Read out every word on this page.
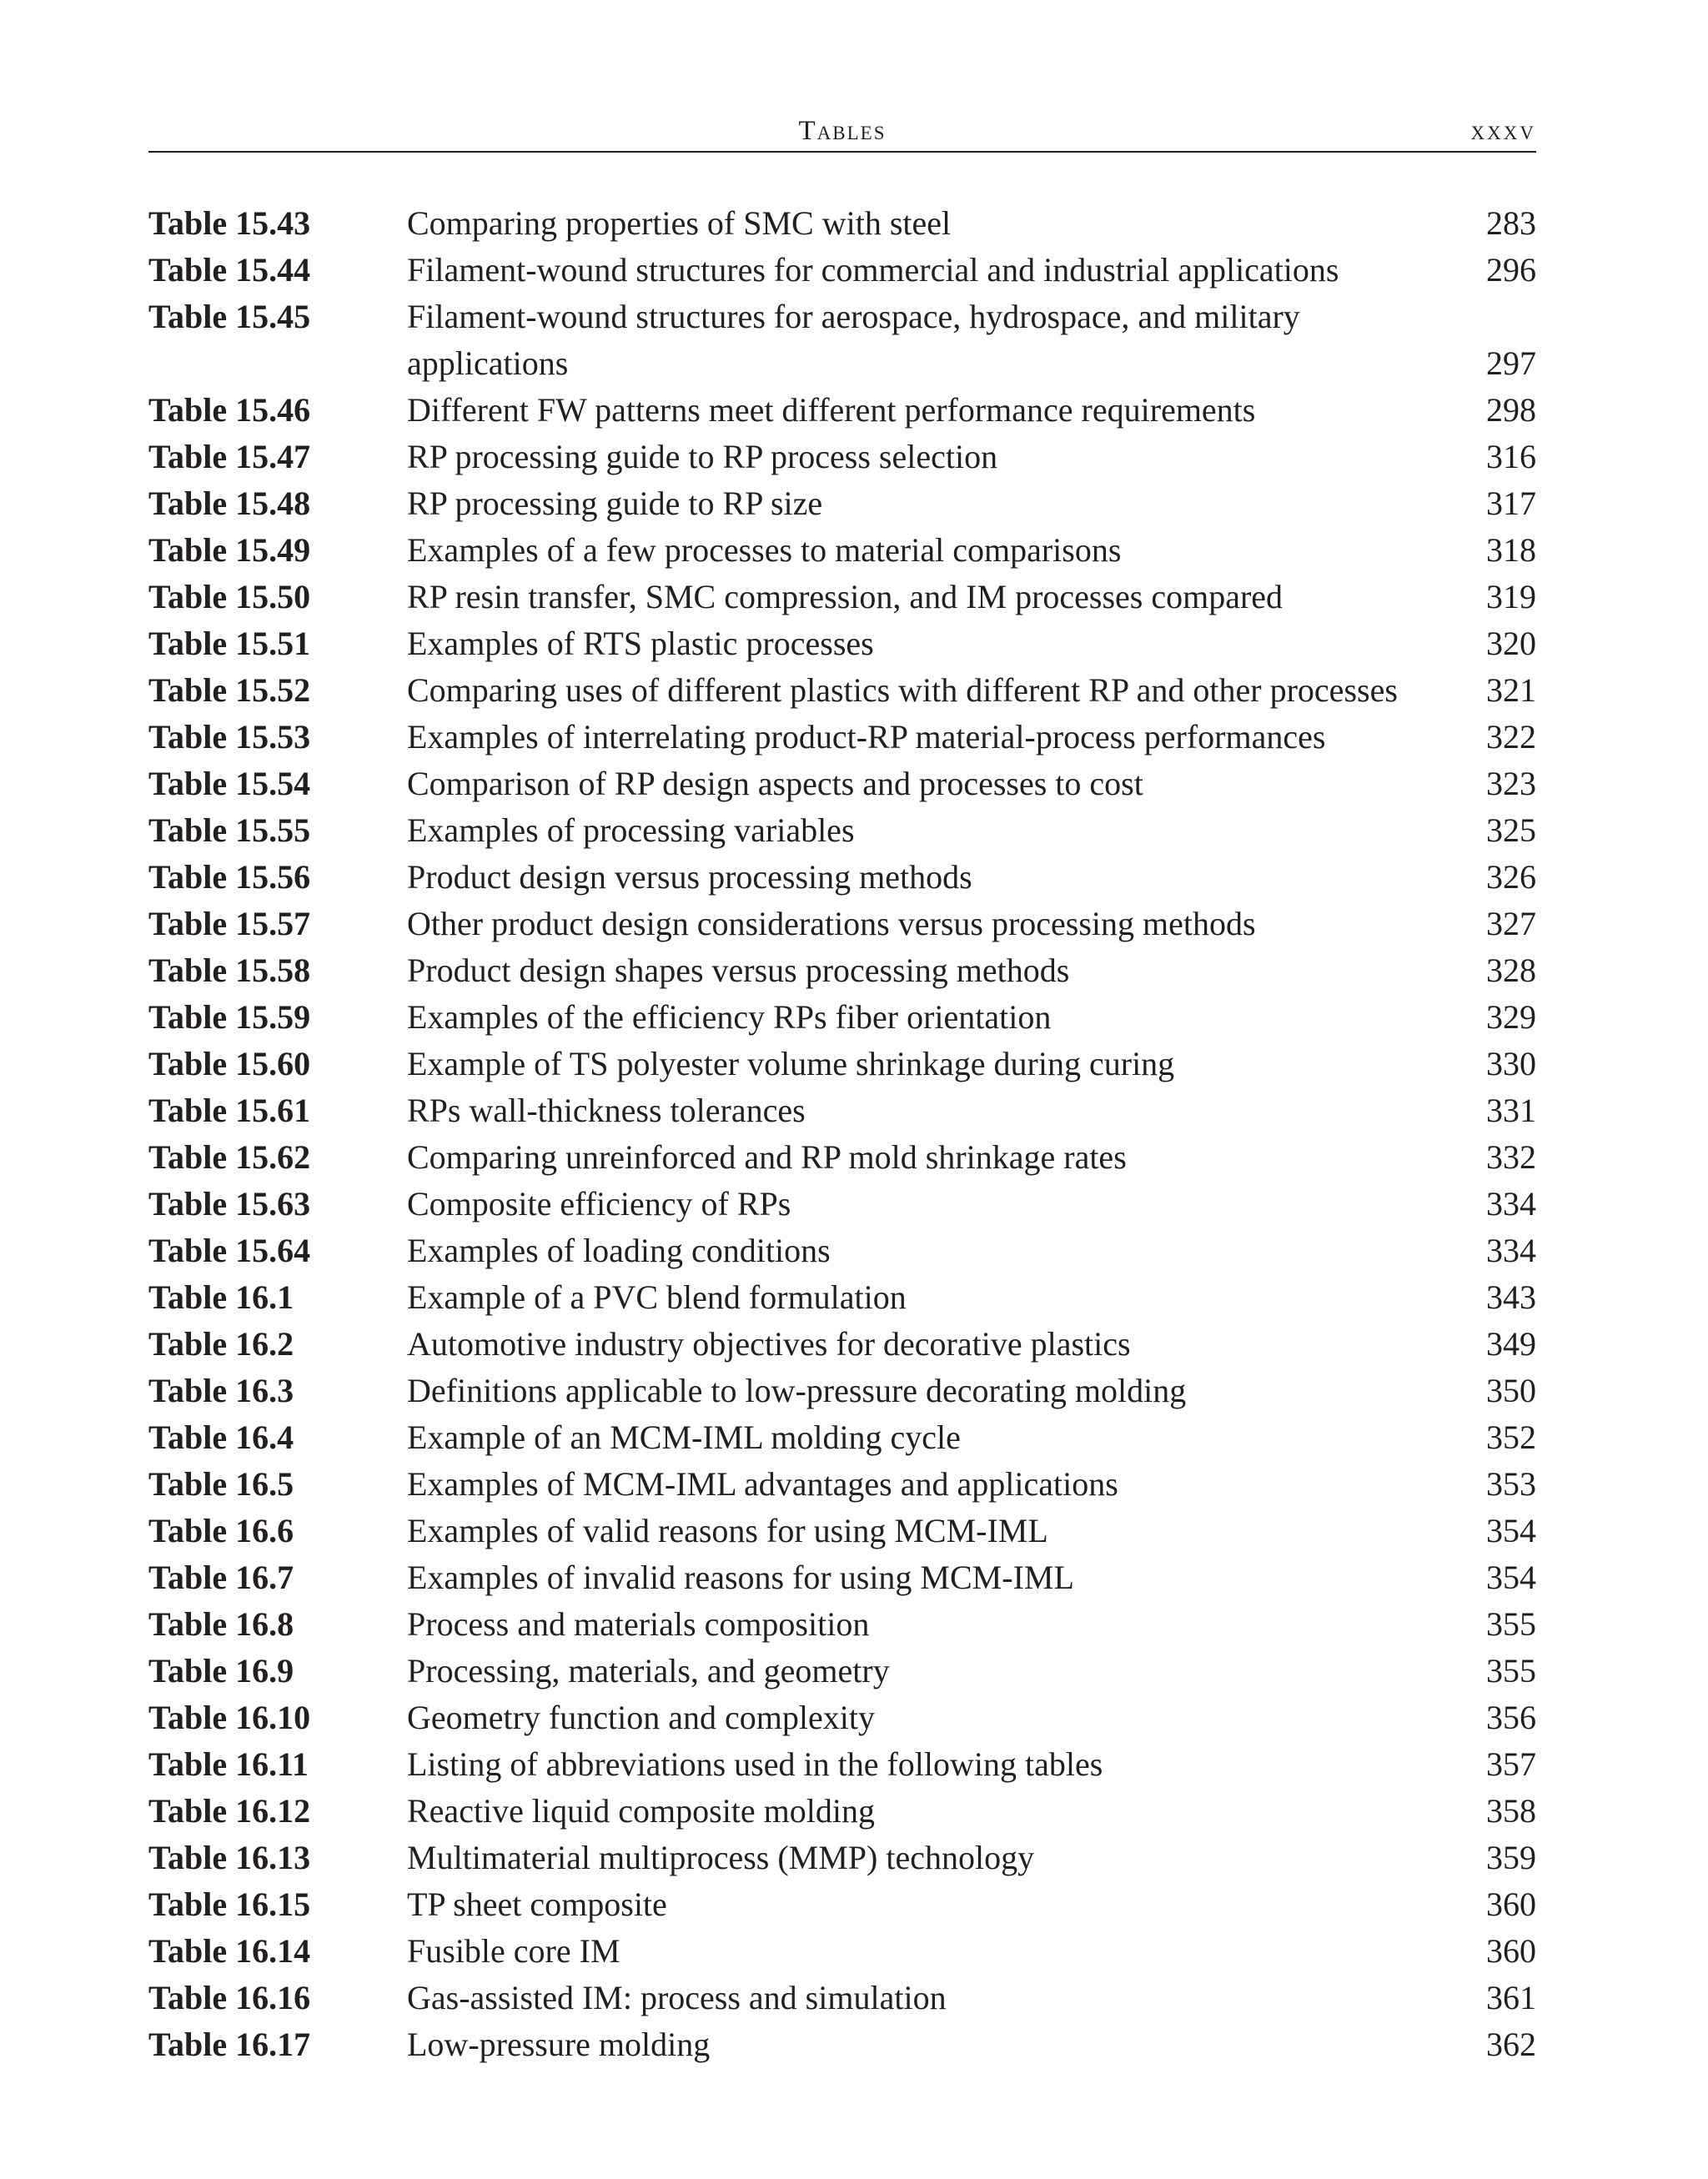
Tables	xxxv
Table 15.43	Comparing properties of SMC with steel	283
Table 15.44	Filament-wound structures for commercial and industrial applications	296
Table 15.45	Filament-wound structures for aerospace, hydrospace, and military applications	297
Table 15.46	Different FW patterns meet different performance requirements	298
Table 15.47	RP processing guide to RP process selection	316
Table 15.48	RP processing guide to RP size	317
Table 15.49	Examples of a few processes to material comparisons	318
Table 15.50	RP resin transfer, SMC compression, and IM processes compared	319
Table 15.51	Examples of RTS plastic processes	320
Table 15.52	Comparing uses of different plastics with different RP and other processes	321
Table 15.53	Examples of interrelating product-RP material-process performances	322
Table 15.54	Comparison of RP design aspects and processes to cost	323
Table 15.55	Examples of processing variables	325
Table 15.56	Product design versus processing methods	326
Table 15.57	Other product design considerations versus processing methods	327
Table 15.58	Product design shapes versus processing methods	328
Table 15.59	Examples of the efficiency RPs fiber orientation	329
Table 15.60	Example of TS polyester volume shrinkage during curing	330
Table 15.61	RPs wall-thickness tolerances	331
Table 15.62	Comparing unreinforced and RP mold shrinkage rates	332
Table 15.63	Composite efficiency of RPs	334
Table 15.64	Examples of loading conditions	334
Table 16.1	Example of a PVC blend formulation	343
Table 16.2	Automotive industry objectives for decorative plastics	349
Table 16.3	Definitions applicable to low-pressure decorating molding	350
Table 16.4	Example of an MCM-IML molding cycle	352
Table 16.5	Examples of MCM-IML advantages and applications	353
Table 16.6	Examples of valid reasons for using MCM-IML	354
Table 16.7	Examples of invalid reasons for using MCM-IML	354
Table 16.8	Process and materials composition	355
Table 16.9	Processing, materials, and geometry	355
Table 16.10	Geometry function and complexity	356
Table 16.11	Listing of abbreviations used in the following tables	357
Table 16.12	Reactive liquid composite molding	358
Table 16.13	Multimaterial multiprocess (MMP) technology	359
Table 16.15	TP sheet composite	360
Table 16.14	Fusible core IM	360
Table 16.16	Gas-assisted IM: process and simulation	361
Table 16.17	Low-pressure molding	362
